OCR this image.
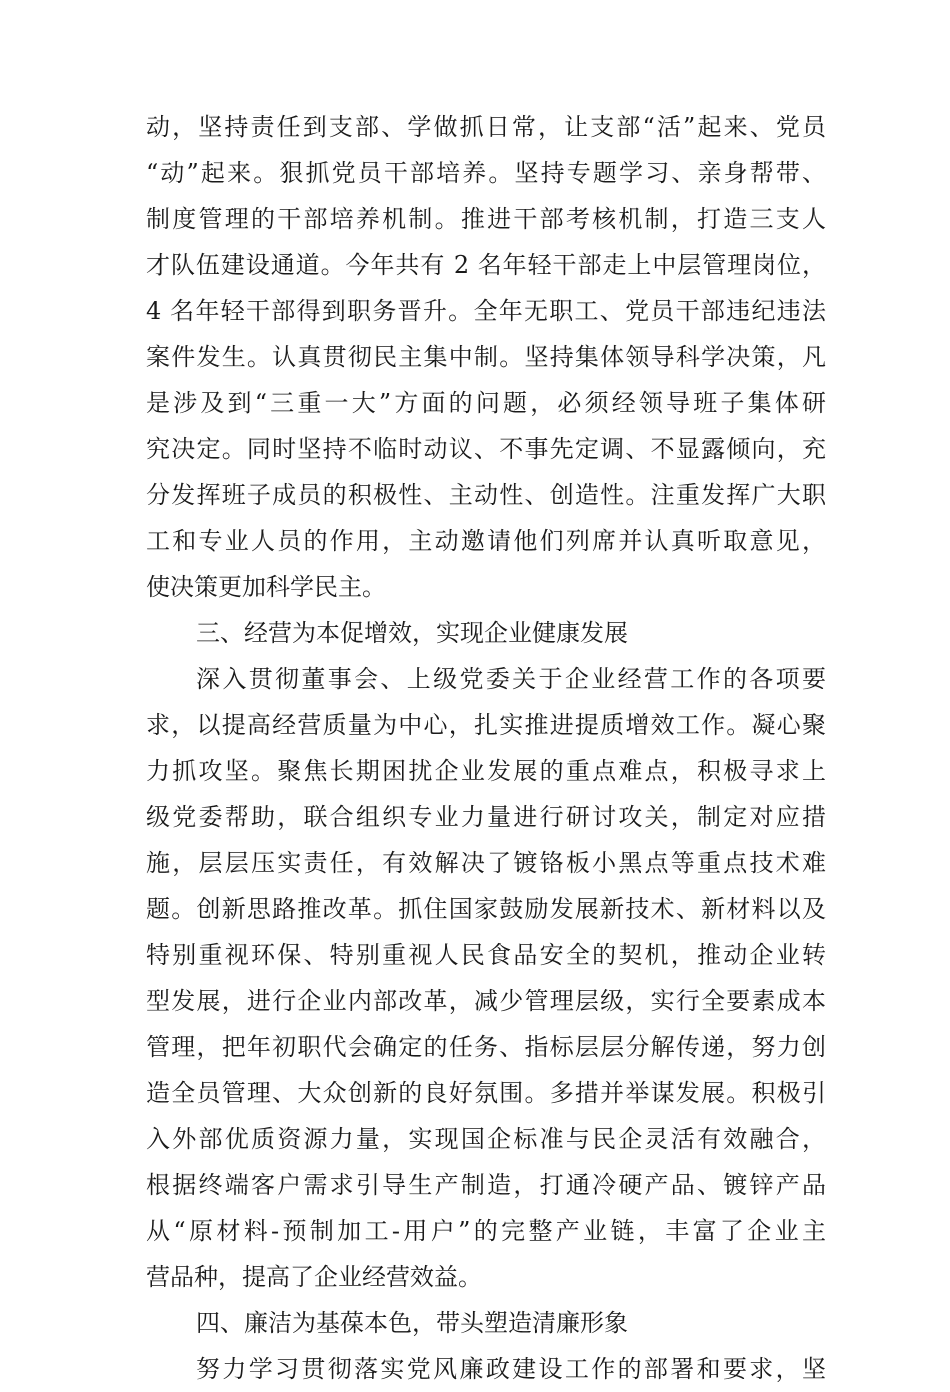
动，坚持责任到支部、学做抓日常，让支部“活”起来、党员
“动”起来。狠抓党员干部培养。坚持专题学习、亲身帮带、
制度管理的干部培养机制。推进干部考核机制，打造三支人
才队伍建设通道。今年共有 2 名年轻干部走上中层管理岗位，
4 名年轻干部得到职务晋升。全年无职工、党员干部违纪违法
案件发生。认真贯彻民主集中制。坚持集体领导科学决策，凡
是涉及到“三重一大”方面的问题，必须经领导班子集体研
究决定。同时坚持不临时动议、不事先定调、不显露倾向，充
分发挥班子成员的积极性、主动性、创造性。注重发挥广大职
工和专业人员的作用，主动邀请他们列席并认真听取意见，
使决策更加科学民主。
三、经营为本促增效，实现企业健康发展
深入贯彻董事会、上级党委关于企业经营工作的各项要
求，以提高经营质量为中心，扎实推进提质增效工作。凝心聚
力抓攻坚。聚焦长期困扰企业发展的重点难点，积极寻求上
级党委帮助，联合组织专业力量进行研讨攻关，制定对应措
施，层层压实责任，有效解决了镀铬板小黑点等重点技术难
题。创新思路推改革。抓住国家鼓励发展新技术、新材料以及
特别重视环保、特别重视人民食品安全的契机，推动企业转
型发展，进行企业内部改革，减少管理层级，实行全要素成本
管理，把年初职代会确定的任务、指标层层分解传递，努力创
造全员管理、大众创新的良好氛围。多措并举谋发展。积极引
入外部优质资源力量，实现国企标准与民企灵活有效融合，
根据终端客户需求引导生产制造，打通冷硬产品、镀锌产品
从“原材料-预制加工-用户”的完整产业链，丰富了企业主
营品种，提高了企业经营效益。
四、廉洁为基葆本色，带头塑造清廉形象
努力学习贯彻落实党风廉政建设工作的部署和要求，坚
